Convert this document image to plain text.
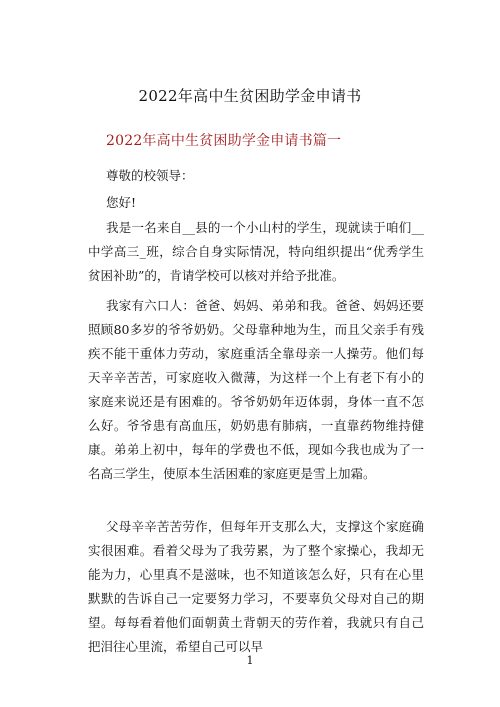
2022年高中生贫困助学金申请书
2022年高中生贫困助学金申请书篇一
尊敬的校领导：
您好!

我是一名来自__县的一个小山村的学生，现就读于咱们__中学高三_班，综合自身实际情况，特向组织提出“优秀学生贫困补助”的，肯请学校可以核对并给予批准。

我家有六口人：爸爸、妈妈、弟弟和我。爸爸、妈妈还要照顾80多岁的爷爷奶奶。父母靠种地为生，而且父亲手有残疾不能干重体力劳动，家庭重活全靠母亲一人操劳。他们每天辛辛苦苦，可家庭收入微薄，为这样一个上有老下有小的家庭来说还是有困难的。爷爷奶奶年迈体弱，身体一直不怎么好。爷爷患有高血压，奶奶患有肺病，一直靠药物维持健康。弟弟上初中，每年的学费也不低，现如今我也成为了一名高三学生，使原本生活困难的家庭更是雪上加霜。

父母辛辛苦苦劳作，但每年开支那么大，支撑这个家庭确实很困难。看着父母为了我劳累，为了整个家操心，我却无能为力，心里真不是滋味，也不知道该怎么好，只有在心里默默的告诉自己一定要努力学习，不要辜负父母对自己的期望。每每看着他们面朝黄土背朝天的劳作着，我就只有自己把泪往心里流，希望自己可以早

1
